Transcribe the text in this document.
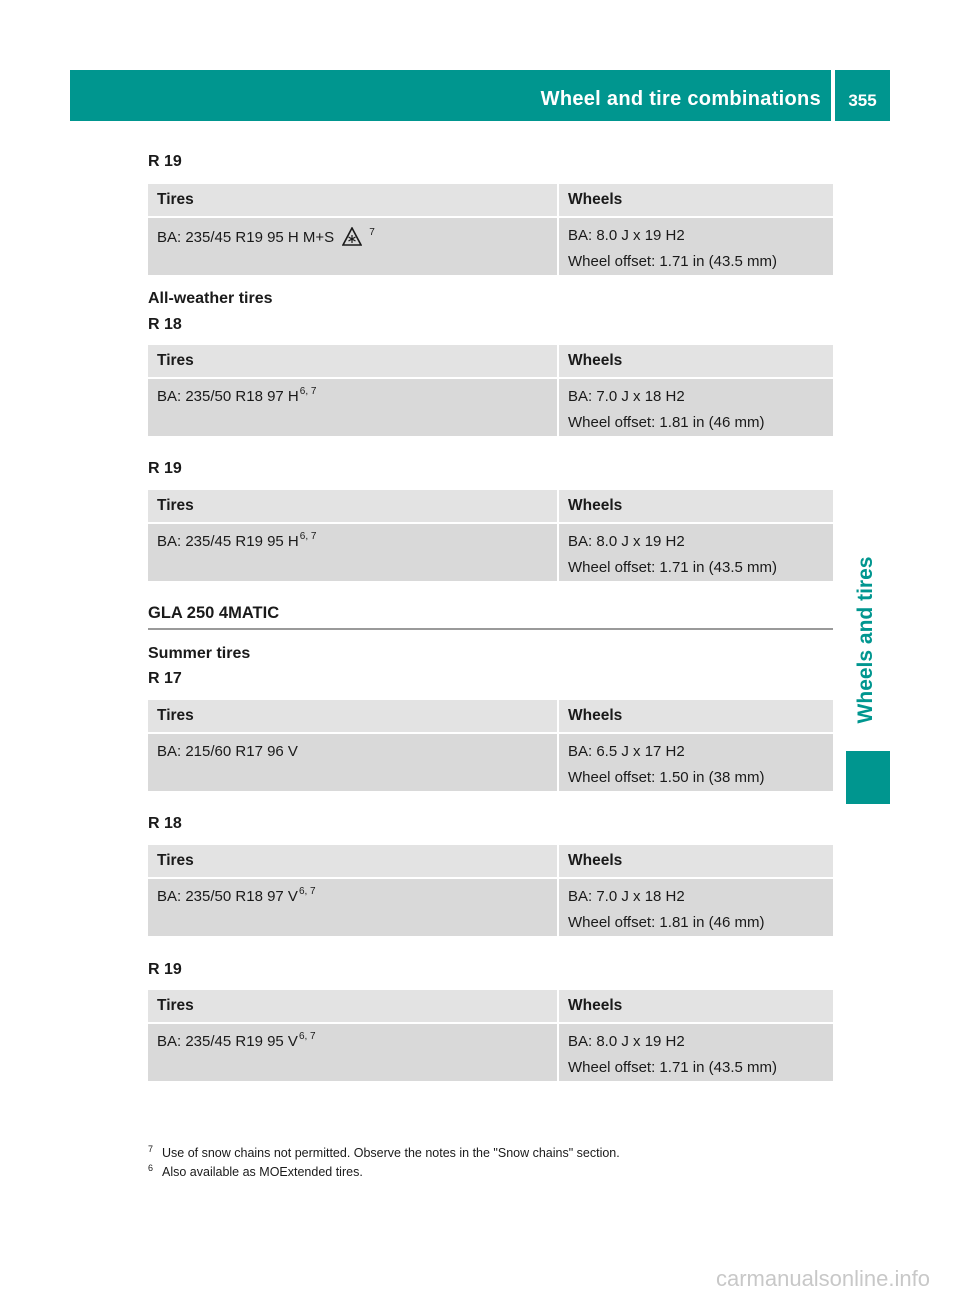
Wheel and tire combinations	355
Wheels and tires
R 19
Tires	Wheels
BA: 235/45 R19 95 H M+S $^7$	BA: 8.0 J x 19 H2
Wheel offset: 1.71 in (43.5 mm)
All-weather tires
R 18
Tires	Wheels
BA: 235/50 R18 97 H$^{6, 7}$	BA: 7.0 J x 18 H2
Wheel offset: 1.81 in (46 mm)
R 19
Tires	Wheels
BA: 235/45 R19 95 H$^{6, 7}$	BA: 8.0 J x 19 H2
Wheel offset: 1.71 in (43.5 mm)
GLA 250 4MATIC
Summer tires
R 17
Tires	Wheels
BA: 215/60 R17 96 V	BA: 6.5 J x 17 H2
Wheel offset: 1.50 in (38 mm)
R 18
Tires	Wheels
BA: 235/50 R18 97 V$^{6, 7}$	BA: 7.0 J x 18 H2
Wheel offset: 1.81 in (46 mm)
R 19
Tires	Wheels
BA: 235/45 R19 95 V$^{6, 7}$	BA: 8.0 J x 19 H2
Wheel offset: 1.71 in (43.5 mm)
$^7$ Use of snow chains not permitted. Observe the notes in the "Snow chains" section.
$^6$ Also available as MOExtended tires.
carmanualsonline.info
